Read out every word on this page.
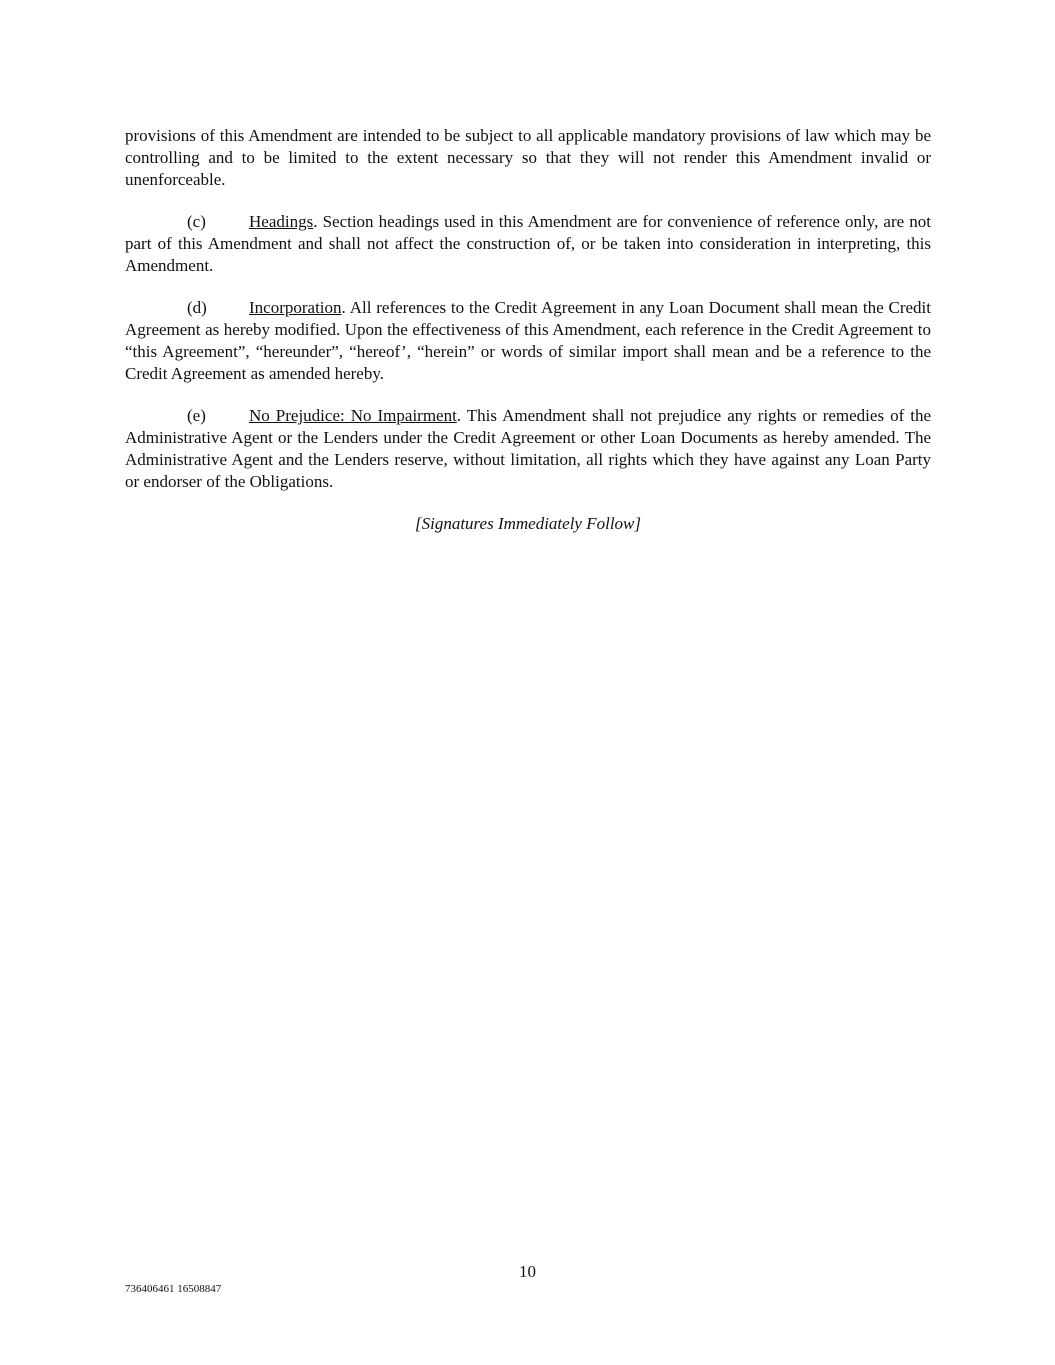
provisions of this Amendment are intended to be subject to all applicable mandatory provisions of law which may be controlling and to be limited to the extent necessary so that they will not render this Amendment invalid or unenforceable.

(c)	Headings. Section headings used in this Amendment are for convenience of reference only, are not part of this Amendment and shall not affect the construction of, or be taken into consideration in interpreting, this Amendment.

(d) Incorporation. All references to the Credit Agreement in any Loan Document shall mean the Credit Agreement as hereby modified. Upon the effectiveness of this Amendment, each reference in the Credit Agreement to “this Agreement”, “hereunder”, “hereof’, “herein” or words of similar import shall mean and be a reference to the Credit Agreement as amended hereby.

(e)	No Prejudice: No Impairment. This Amendment shall not prejudice any rights or remedies of the Administrative Agent or the Lenders under the Credit Agreement or other Loan Documents as hereby amended. The Administrative Agent and the Lenders reserve, without limitation, all rights which they have against any Loan Party or endorser of the Obligations.

[Signatures Immediately Follow]

10
736406461 16508847
